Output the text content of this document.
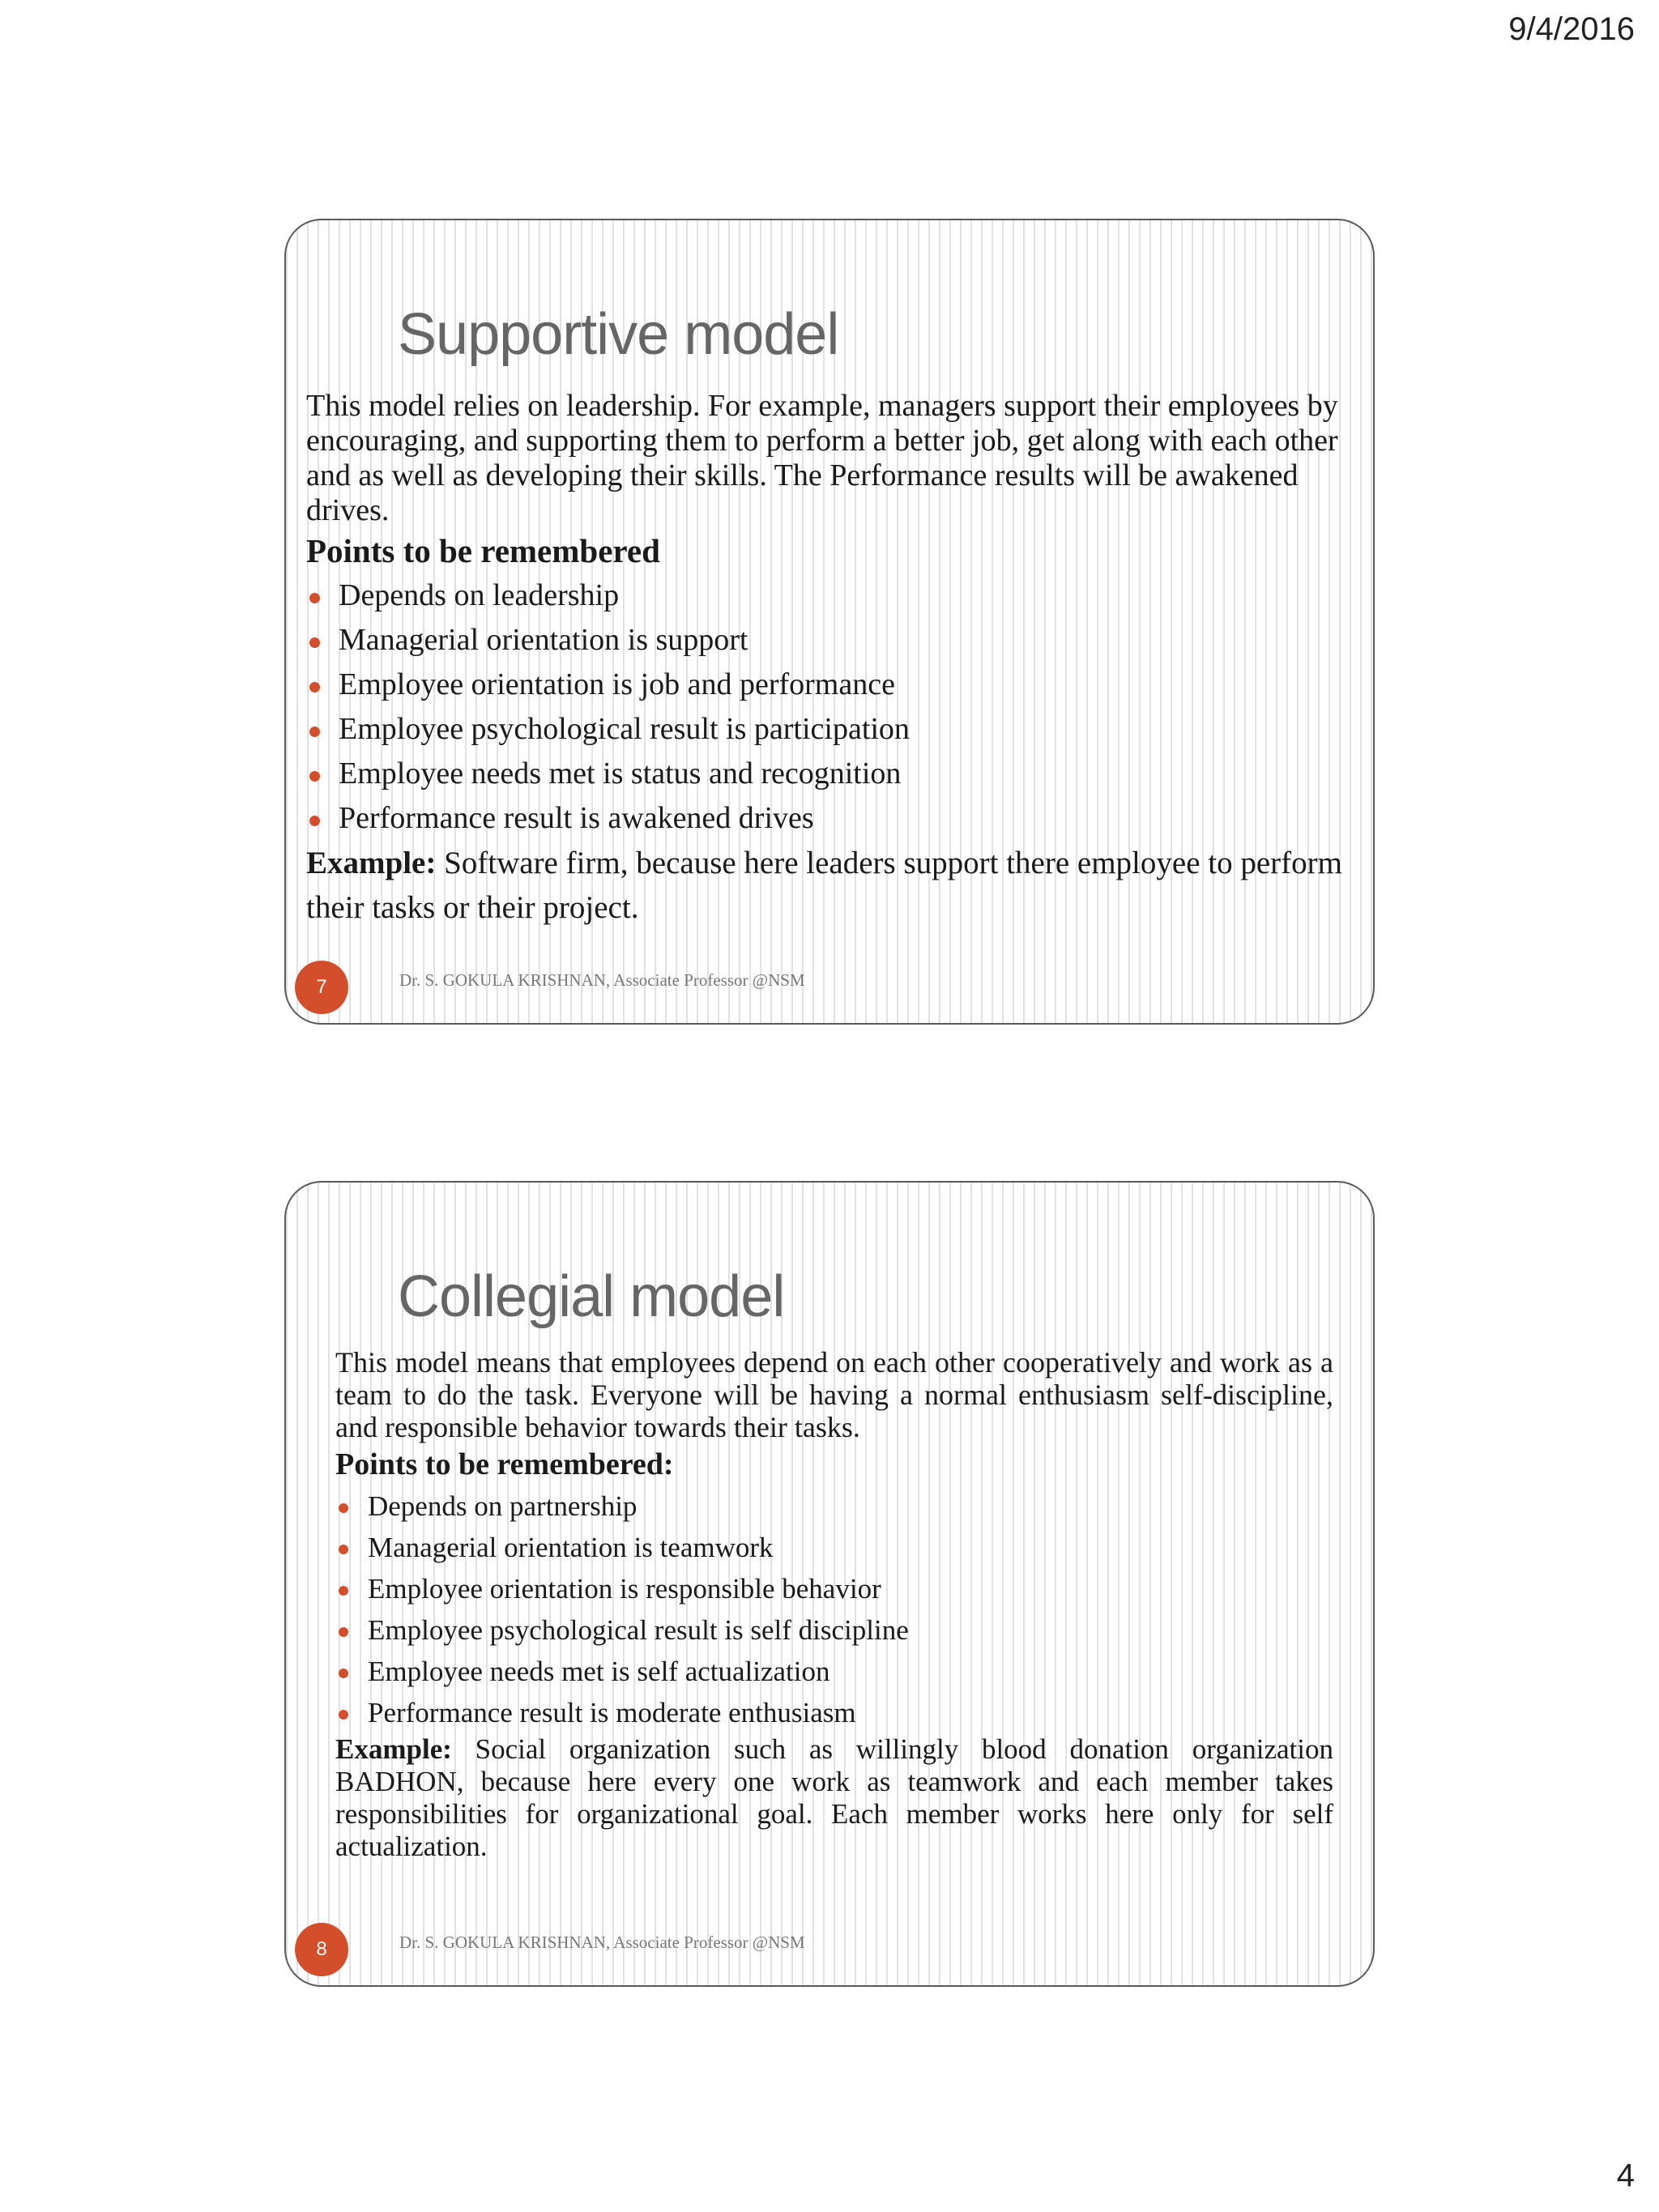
9/4/2016
Supportive model

This model relies on leadership. For example, managers support their employees by encouraging, and supporting them to perform a better job, get along with each other and as well as developing their skills. The Performance results will be awakened drives.

Points to be remembered

Depends on leadership
Managerial orientation is support
Employee orientation is job and performance
Employee psychological result is participation
Employee needs met is status and recognition
Performance result is awakened drives

Example: Software firm, because here leaders support there employee to perform their tasks or their project.

7	Dr. S. GOKULA KRISHNAN, Associate Professor @NSM
Collegial model

This model means that employees depend on each other cooperatively and work as a team to do the task. Everyone will be having a normal enthusiasm self-discipline, and responsible behavior towards their tasks.

Points to be remembered:

Depends on partnership
Managerial orientation is teamwork
Employee orientation is responsible behavior
Employee psychological result is self discipline
Employee needs met is self actualization
Performance result is moderate enthusiasm

Example: Social organization such as willingly blood donation organization BADHON, because here every one work as teamwork and each member takes responsibilities for organizational goal. Each member works here only for self actualization.

8	Dr. S. GOKULA KRISHNAN, Associate Professor @NSM
4
